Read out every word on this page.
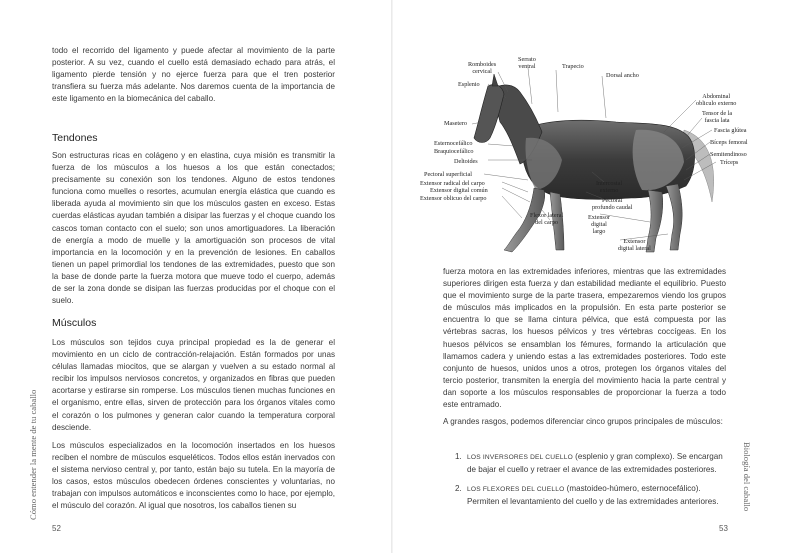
todo el recorrido del ligamento y puede afectar al movimiento de la parte posterior. A su vez, cuando el cuello está demasiado echado para atrás, el ligamento pierde tensión y no ejerce fuerza para que el tren posterior transfiera su fuerza más adelante. Nos daremos cuenta de la importancia de este ligamento en la biomecánica del caballo.

Tendones

Son estructuras ricas en colágeno y en elastina, cuya misión es transmitir la fuerza de los músculos a los huesos a los que están conectados; precisamente su conexión son los tendones. Alguno de estos tendones funciona como muelles o resortes, acumulan energía elástica que cuando es liberada ayuda al movimiento sin que los músculos gasten en exceso. Estas cuerdas elásticas ayudan también a disipar las fuerzas y el choque cuando los cascos toman contacto con el suelo; son unos amortiguadores. La liberación de energía a modo de muelle y la amortiguación son procesos de vital importancia en la locomoción y en la prevención de lesiones. En caballos tienen un papel primordial los tendones de las extremidades, puesto que son la base de donde parte la fuerza motora que mueve todo el cuerpo, además de ser la zona donde se disipan las fuerzas producidas por el choque con el suelo.

Músculos

Los músculos son tejidos cuya principal propiedad es la de generar el movimiento en un ciclo de contracción-relajación. Están formados por unas células llamadas miocitos, que se alargan y vuelven a su estado normal al recibir los impulsos nerviosos concretos, y organizados en fibras que pueden acortarse y estirarse sin romperse. Los músculos tienen muchas funciones en el organismo, entre ellas, sirven de protección para los órganos vitales como el corazón o los pulmones y generan calor cuando la temperatura corporal desciende.

Los músculos especializados en la locomoción insertados en los huesos reciben el nombre de músculos esqueléticos. Todos ellos están inervados con el sistema nervioso central y, por tanto, están bajo su tutela. En la mayoría de los casos, estos músculos obedecen órdenes conscientes y voluntarias, no trabajan con impulsos automáticos e inconscientes como lo hace, por ejemplo, el músculo del corazón. Al igual que nosotros, los caballos tienen su

Cómo entender la mente de tu caballo
52
Serrato
ventral
Romboides
cervical
Trapecio
Dorsal ancho
Esplenio
Abdominal
obliculo externo
Tensor de la
fascia lata
Masetero
Fascia glútea
Esternocefálico
Braquiocefálico
Bíceps femoral
Semitendinoso
Deltoides	Tríceps
Pectoral superficial
Extensor radical del carpo
Extensor digital común
Extensor oblicuo del carpo
Intercostal
externo
Pectoral
profundo caudal
Flexor lateral
del carpo
Extensor
digital
largo
Extensor
digital lateral

fuerza motora en las extremidades inferiores, mientras que las extremidades superiores dirigen esta fuerza y dan estabilidad mediante el equilibrio. Puesto que el movimiento surge de la parte trasera, empezaremos viendo los grupos de músculos más implicados en la propulsión. En esta parte posterior se encuentra lo que se llama cintura pélvica, que está compuesta por las vértebras sacras, los huesos pélvicos y tres vértebras coccígeas. En los huesos pélvicos se ensamblan los fémures, formando la articulación que llamamos cadera y uniendo estas a las extremidades posteriores. Todo este conjunto de huesos, unidos unos a otros, protegen los órganos vitales del tercio posterior, transmiten la energía del movimiento hacia la parte central y dan soporte a los músculos responsables de proporcionar la fuerza a todo este entramado.

A grandes rasgos, podemos diferenciar cinco grupos principales de músculos:

1. LOS INVERSORES DEL CUELLO (esplenio y gran complexo). Se encargan de bajar el cuello y retraer el avance de las extremidades posteriores.
2. LOS FLEXORES DEL CUELLO (mastoideo-húmero, esternocefálico). Permiten el levantamiento del cuello y de las extremidades anteriores.	Biología del caballo
53
